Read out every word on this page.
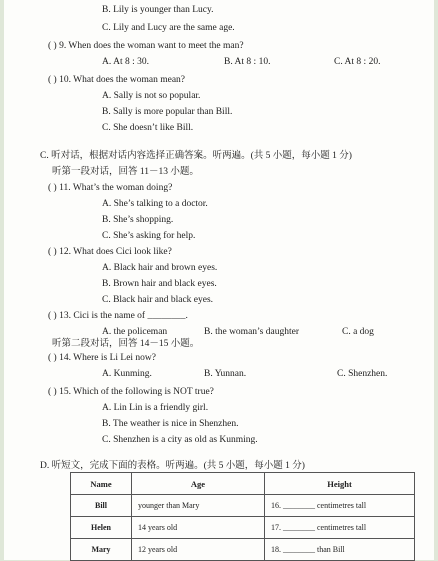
B. Lily is younger than Lucy.
C. Lily and Lucy are the same age.
( ) 9. When does the woman want to meet the man?
A. At 8 : 30.	B. At 8 : 10.	C. At 8 : 20.
( ) 10. What does the woman mean?
A. Sally is not so popular.
B. Sally is more popular than Bill.
C. She doesn’t like Bill.
C. 听对话，根据对话内容选择正确答案。听两遍。(共 5 小题，每小题 1 分)
听第一段对话，回答 11－13 小题。
( ) 11. What’s the woman doing?
A. She’s talking to a doctor.
B. She’s shopping.
C. She’s asking for help.
( ) 12. What does Cici look like?
A. Black hair and brown eyes.
B. Brown hair and black eyes.
C. Black hair and black eyes.
( ) 13. Cici is the name of ________.
A. the policeman	B. the woman’s daughter	C. a dog
听第二段对话，回答 14－15 小题。
( ) 14. Where is Li Lei now?
A. Kunming.	B. Yunnan.	C. Shenzhen.
( ) 15. Which of the following is NOT true?
A. Lin Lin is a friendly girl.
B. The weather is nice in Shenzhen.
C. Shenzhen is a city as old as Kunming.
D. 听短文，完成下面的表格。听两遍。(共 5 小题，每小题 1 分)
Name	Age	Height
Bill	younger than Mary	16. ________ centimetres tall
Helen	14 years old	17. ________ centimetres tall
Mary	12 years old	18. ________ than Bill
